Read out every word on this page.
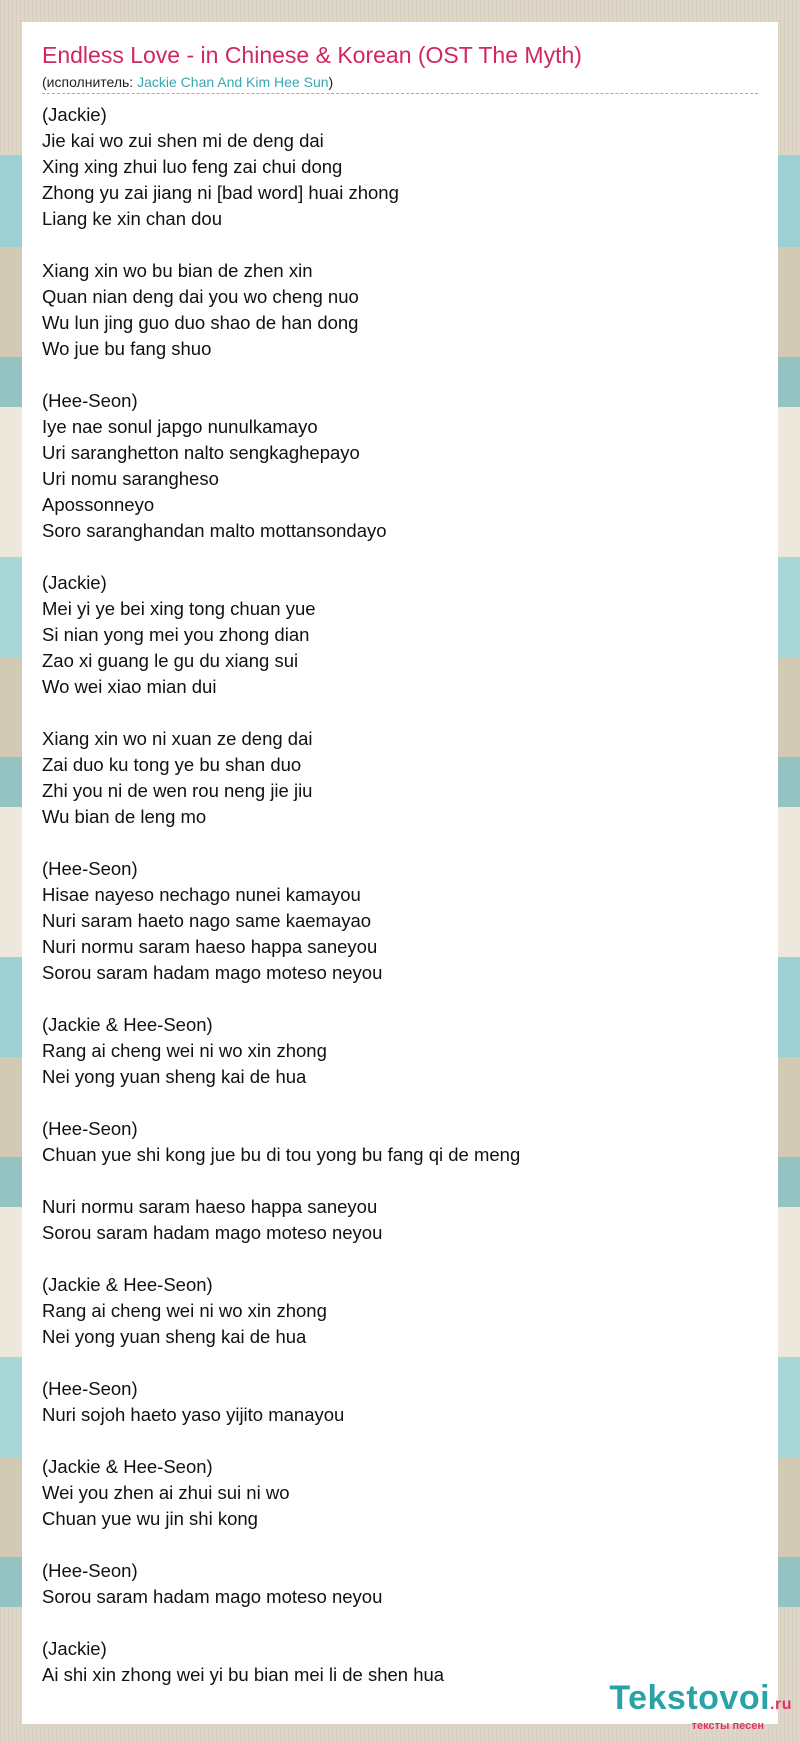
Endless Love - in Chinese & Korean (OST The Myth)
(исполнитель: Jackie Chan And Kim Hee Sun)
(Jackie)
Jie kai wo zui shen mi de deng dai
Xing xing zhui luo feng zai chui dong
Zhong yu zai jiang ni [bad word] huai zhong
Liang ke xin chan dou
Xiang xin wo bu bian de zhen xin
Quan nian deng dai you wo cheng nuo
Wu lun jing guo duo shao de han dong
Wo jue bu fang shuo
(Hee-Seon)
Iye nae sonul japgo nunulkamayo
Uri saranghetton nalto sengkaghepayo
Uri nomu sarangheso
Apossonneyo
Soro saranghandan malto mottansondayo
(Jackie)
Mei yi ye bei xing tong chuan yue
Si nian yong mei you zhong dian
Zao xi guang le gu du xiang sui
Wo wei xiao mian dui
Xiang xin wo ni xuan ze deng dai
Zai duo ku tong ye bu shan duo
Zhi you ni de wen rou neng jie jiu
Wu bian de leng mo
(Hee-Seon)
Hisae nayeso nechago nunei kamayou
Nuri saram haeto nago same kaemayao
Nuri normu saram haeso happa saneyou
Sorou saram hadam mago moteso neyou
(Jackie & Hee-Seon)
Rang ai cheng wei ni wo xin zhong
Nei yong yuan sheng kai de hua
(Hee-Seon)
Chuan yue shi kong jue bu di tou yong bu fang qi de meng
Nuri normu saram haeso happa saneyou
Sorou saram hadam mago moteso neyou
(Jackie & Hee-Seon)
Rang ai cheng wei ni wo xin zhong
Nei yong yuan sheng kai de hua
(Hee-Seon)
Nuri sojoh haeto yaso yijito manayou
(Jackie & Hee-Seon)
Wei you zhen ai zhui sui ni wo
Chuan yue wu jin shi kong
(Hee-Seon)
Sorou saram hadam mago moteso neyou
(Jackie)
Ai shi xin zhong wei yi bu bian mei li de shen hua
Tekstovoi.ru
тексты песен
